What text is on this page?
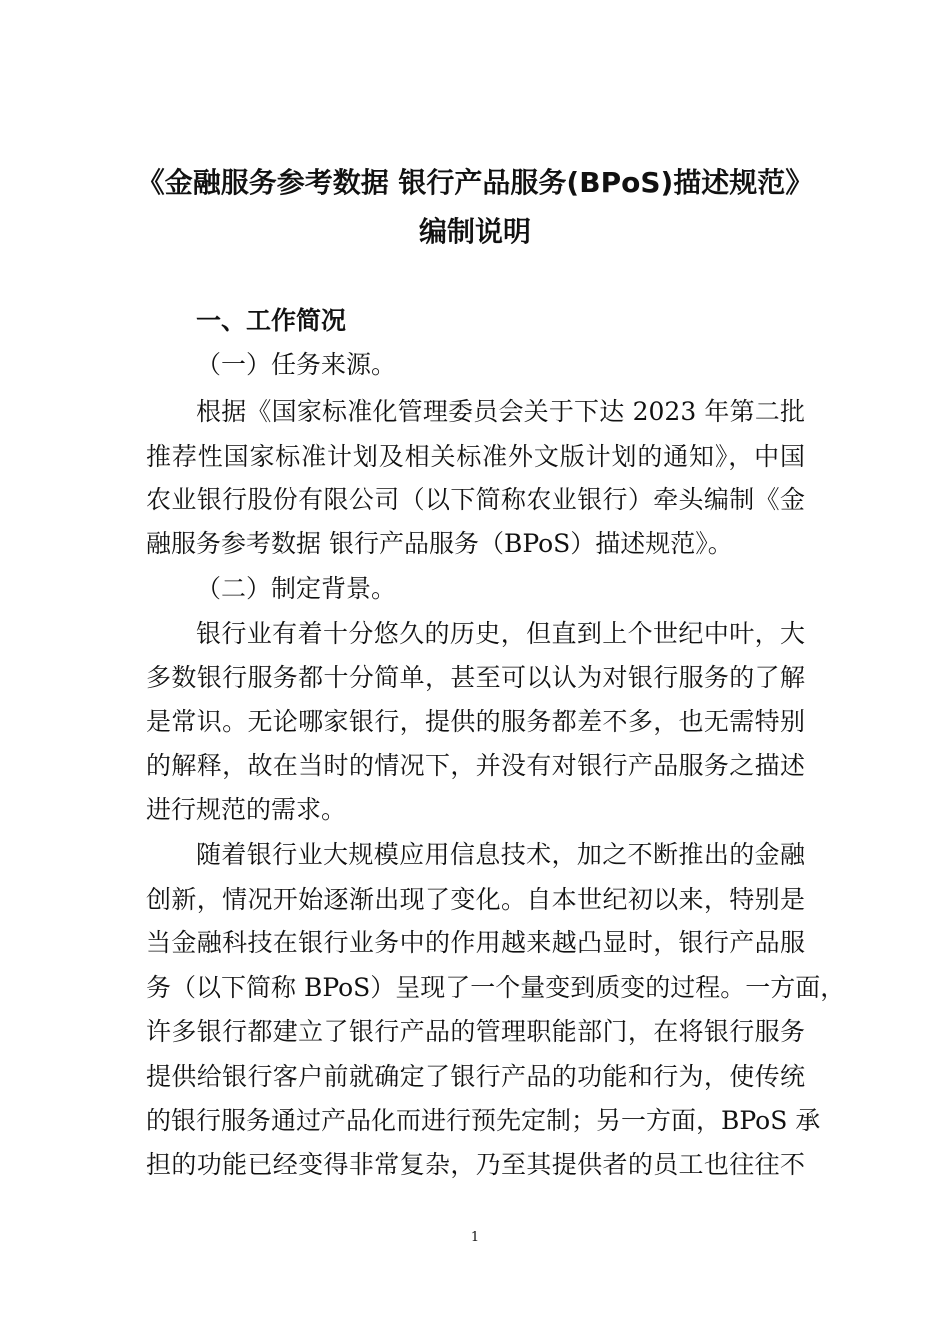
《金融服务参考数据 银行产品服务(BPoS)描述规范》
编制说明
一、工作简况
（一）任务来源。
根据《国家标准化管理委员会关于下达 2023 年第二批
推荐性国家标准计划及相关标准外文版计划的通知》，中国
农业银行股份有限公司（以下简称农业银行）牵头编制《金
融服务参考数据 银行产品服务（BPoS）描述规范》。
（二）制定背景。
银行业有着十分悠久的历史，但直到上个世纪中叶，大
多数银行服务都十分简单，甚至可以认为对银行服务的了解
是常识。无论哪家银行，提供的服务都差不多，也无需特别
的解释，故在当时的情况下，并没有对银行产品服务之描述
进行规范的需求。
随着银行业大规模应用信息技术，加之不断推出的金融
创新，情况开始逐渐出现了变化。自本世纪初以来，特别是
当金融科技在银行业务中的作用越来越凸显时，银行产品服
务（以下简称 BPoS）呈现了一个量变到质变的过程。一方面，
许多银行都建立了银行产品的管理职能部门，在将银行服务
提供给银行客户前就确定了银行产品的功能和行为，使传统
的银行服务通过产品化而进行预先定制；另一方面，BPoS 承
担的功能已经变得非常复杂，乃至其提供者的员工也往往不
1
